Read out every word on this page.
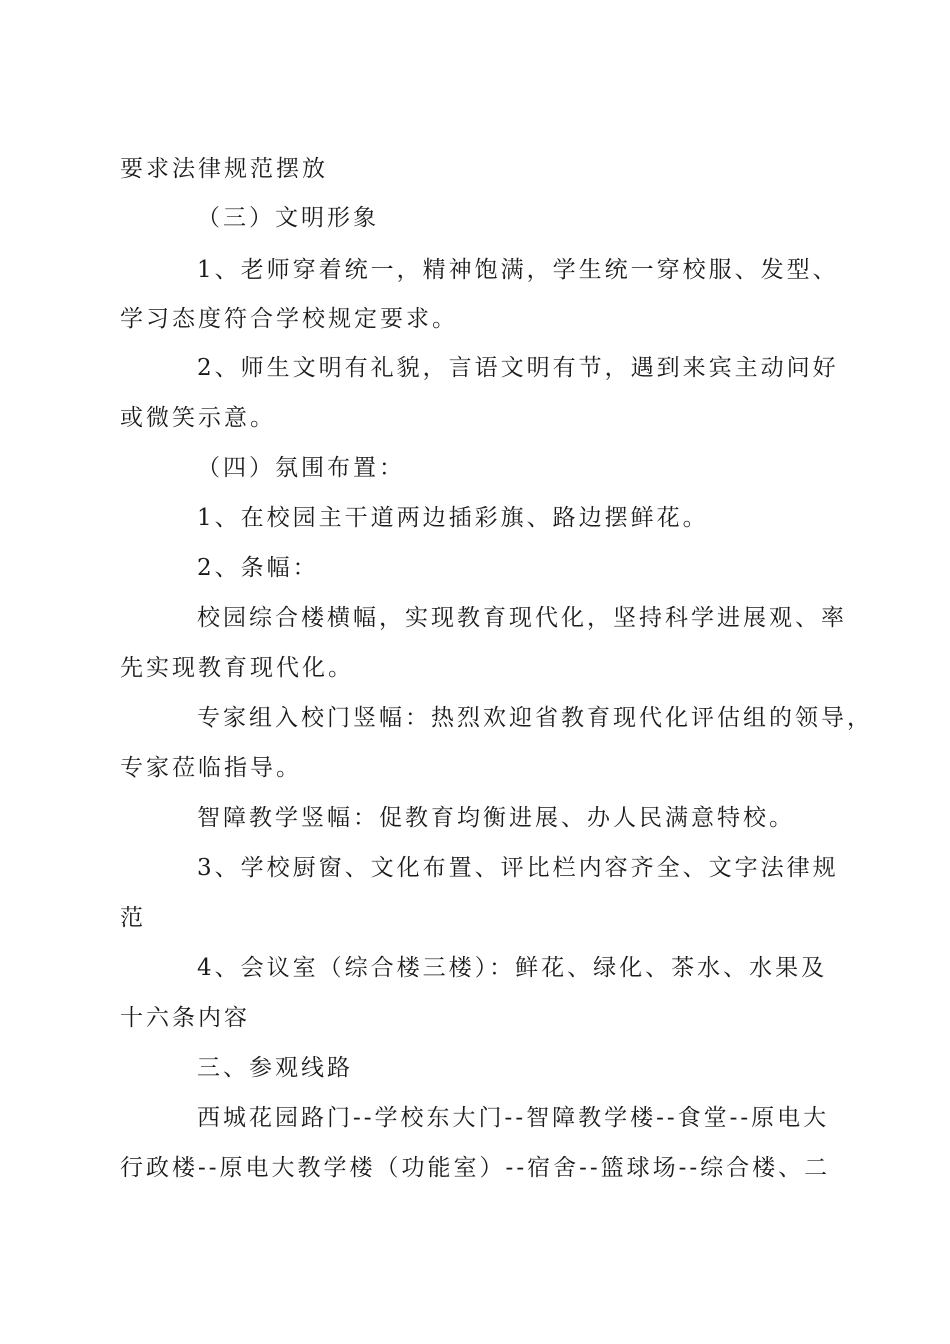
要求法律规范摆放
（三）文明形象
1、老师穿着统一，精神饱满，学生统一穿校服、发型、
学习态度符合学校规定要求。
2、师生文明有礼貌，言语文明有节，遇到来宾主动问好
或微笑示意。
（四）氛围布置：
1、在校园主干道两边插彩旗、路边摆鲜花。
2、条幅：
校园综合楼横幅，实现教育现代化，坚持科学进展观、率
先实现教育现代化。
专家组入校门竖幅：热烈欢迎省教育现代化评估组的领导，
专家莅临指导。
智障教学竖幅：促教育均衡进展、办人民满意特校。
3、学校厨窗、文化布置、评比栏内容齐全、文字法律规
范
4、会议室（综合楼三楼）：鲜花、绿化、茶水、水果及
十六条内容
三、参观线路
西城花园路门--学校东大门--智障教学楼--食堂--原电大
行政楼--原电大教学楼（功能室）--宿舍--篮球场--综合楼、二
